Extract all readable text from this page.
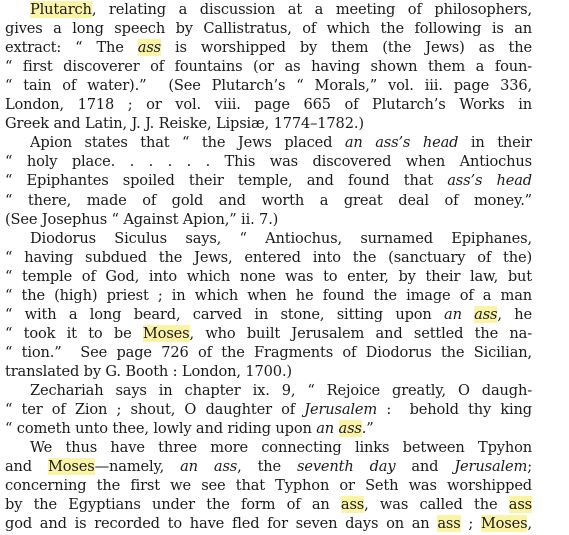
Plutarch, relating a discussion at a meeting of philosophers,
gives a long speech by Callistratus, of which the following is an
extract: “ The ass is worshipped by them (the Jews) as the
“ first discoverer of fountains (or as having shown them a foun-
“ tain of water).”  (See Plutarch’s “ Morals,” vol. iii. page 336,
London, 1718 ; or vol. viii. page 665 of Plutarch’s Works in
Greek and Latin, J. J. Reiske, Lipsiæ, 1774–1782.)
Apion states that “ the Jews placed an ass’s head in their
“ holy place. . . . . . This was discovered when Antiochus
“ Epiphantes spoiled their temple, and found that ass’s head
“ there, made of gold and worth a great deal of money.”
(See Josephus “ Against Apion,” ii. 7.)
Diodorus Siculus says, “ Antiochus, surnamed Epiphanes,
“ having subdued the Jews, entered into the (sanctuary of the)
“ temple of God, into which none was to enter, by their law, but
“ the (high) priest ; in which when he found the image of a man
“ with a long beard, carved in stone, sitting upon an ass, he
“ took it to be Moses, who built Jerusalem and settled the na-
“ tion.”  See page 726 of the Fragments of Diodorus the Sicilian,
translated by G. Booth : London, 1700.)
Zechariah says in chapter ix. 9, “ Rejoice greatly, O daugh-
“ ter of Zion ; shout, O daughter of Jerusalem :  behold thy king
“ cometh unto thee, lowly and riding upon an ass.”
We thus have three more connecting links between Tpyhon
and Moses—namely, an ass, the seventh day and Jerusalem;
concerning the first we see that Typhon or Seth was worshipped
by the Egyptians under the form of an ass, was called the ass
god and is recorded to have fled for seven days on an ass ; Moses,
